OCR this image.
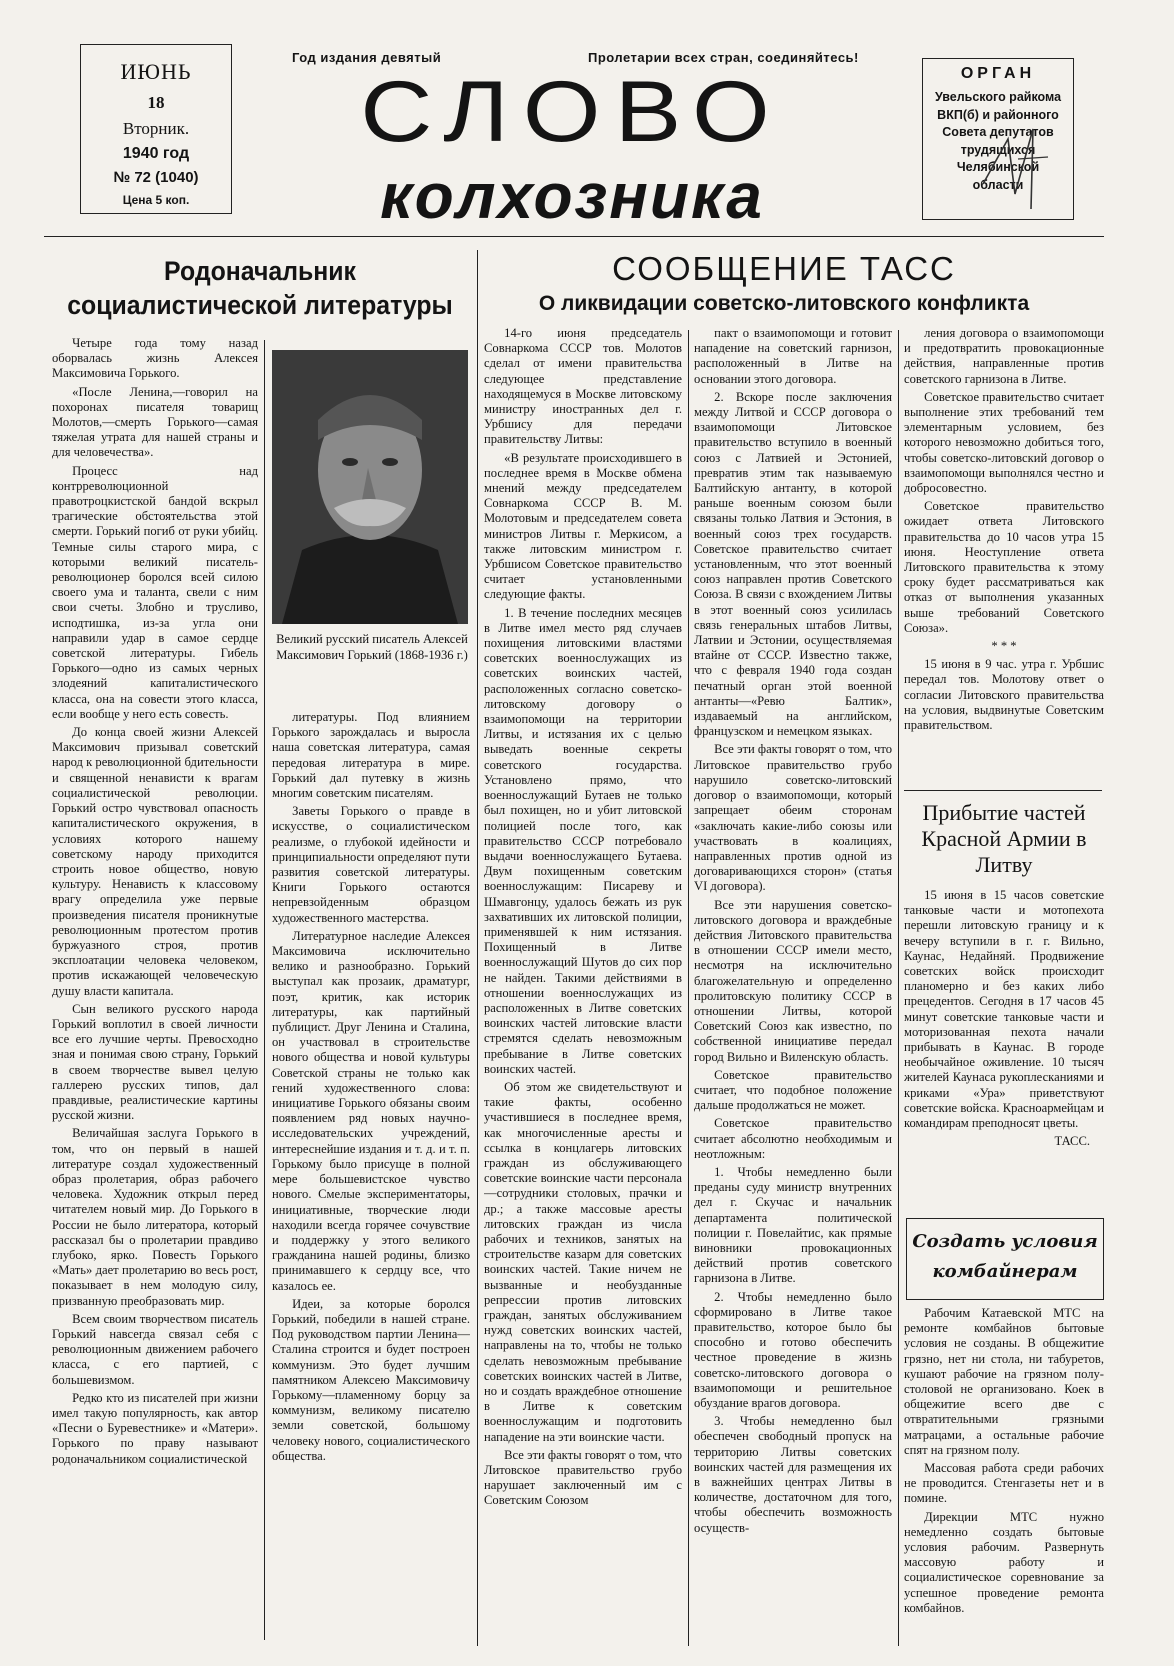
ИЮНЬ
18
Вторник.
1940 год
№ 72 (1040)
Цена 5 коп.
Год издания девятый	Пролетарии всех стран, соединяйтесь!
СЛОВО
колхозника
ОРГАН
Увельского райкома ВКП(б) и районного Совета депутатов трудящихся Челябинской области
Родоначальник социалистической литературы

Четыре года тому назад оборвалась жизнь Алексея Максимовича Горького.

«После Ленина,—говорил на похоронах писателя товарищ Молотов,—смерть Горького—самая тяжелая утрата для нашей страны и для человечества».

Процесс над контрреволюционной правотроцкистской бандой вскрыл трагические обстоятельства этой смерти. Горький погиб от руки убийц. Темные силы старого мира, с которыми великий писатель-революционер боролся всей силою своего ума и таланта, свели с ним свои счеты. Злобно и трусливо, исподтишка, из-за угла они направили удар в самое сердце советской литературы. Гибель Горького—одно из самых черных злодеяний капиталистического класса, она на совести этого класса, если вообще у него есть совесть.

До конца своей жизни Алексей Максимович призывал советский народ к революционной бдительности и священной ненависти к врагам социалистической революции. Горький остро чувствовал опасность капиталистического окружения, в условиях которого нашему советскому народу приходится строить новое общество, новую культуру. Ненависть к классовому врагу определила уже первые произведения писателя проникнутые революционным протестом против буржуазного строя, против эксплоатации человека человеком, против искажающей человеческую душу власти капитала.

Сын великого русского народа Горький воплотил в своей личности все его лучшие черты. Превосходно зная и понимая свою страну, Горький в своем творчестве вывел целую галлерею русских типов, дал правдивые, реалистические картины русской жизни.

Величайшая заслуга Горького в том, что он первый в нашей литературе создал художественный образ пролетария, образ рабочего человека. Художник открыл перед читателем новый мир. До Горького в России не было литератора, который рассказал бы о пролетарии правдиво глубоко, ярко. Повесть Горького «Мать» дает пролетарию во весь рост, показывает в нем молодую силу, призванную преобразовать мир.

Всем своим творчеством писатель Горький навсегда связал себя с революционным движением рабочего класса, с его партией, с большевизмом.

Редко кто из писателей при жизни имел такую популярность, как автор «Песни о Буревестнике» и «Матери». Горького по праву называют родоначальником социалистической

Великий русский писатель Алексей Максимович Горький (1868-1936 г.)

литературы. Под влиянием Горького зарождалась и выросла наша советская литература, самая передовая литература в мире. Горький дал путевку в жизнь многим советским писателям.

Заветы Горького о правде в искусстве, о социалистическом реализме, о глубокой идейности и принципиальности определяют пути развития советской литературы. Книги Горького остаются непревзойденным образцом художественного мастерства.

Литературное наследие Алексея Максимовича исключительно велико и разнообразно. Горький выступал как прозаик, драматург, поэт, критик, как историк литературы, как партийный публицист. Друг Ленина и Сталина, он участвовал в строительстве нового общества и новой культуры Советской страны не только как гений художественного слова: инициативе Горького обязаны своим появлением ряд новых научно-исследовательских учреждений, интереснейшие издания и т. д. и т. п. Горькому было присуще в полной мере большевистское чувство нового. Смелые экспериментаторы, инициативные, творческие люди находили всегда горячее сочувствие и поддержку у этого великого гражданина нашей родины, близко принимавшего к сердцу все, что казалось ее.

Идеи, за которые боролся Горький, победили в нашей стране. Под руководством партии Ленина—Сталина строится и будет построен коммунизм. Это будет лучшим памятником Алексею Максимовичу Горькому—пламенному борцу за коммунизм, великому писателю земли советской, большому человеку нового, социалистического общества.

СООБЩЕНИЕ ТАСС
О ликвидации советско-литовского конфликта

14-го июня председатель Совнаркома СССР тов. Молотов сделал от имени правительства следующее представление находящемуся в Москве литовскому министру иностранных дел г. Урбшису для передачи правительству Литвы:

«В результате происходившего в последнее время в Москве обмена мнений между председателем Совнаркома СССР В. М. Молотовым и председателем совета министров Литвы г. Меркисом, а также литовским министром г. Урбшисом Советское правительство считает установленными следующие факты.

1. В течение последних месяцев в Литве имел место ряд случаев похищения литовскими властями советских военнослужащих из советских воинских частей, расположенных согласно советско-литовскому договору о взаимопомощи на территории Литвы, и истязания их с целью выведать военные секреты советского государства. Установлено прямо, что военнослужащий Бутаев не только был похищен, но и убит литовской полицией после того, как правительство СССР потребовало выдачи военнослужащего Бутаева. Двум похищенным советским военнослужащим: Писареву и Шмавгонцу, удалось бежать из рук захвативших их литовской полиции, применявшей к ним истязания. Похищенный в Литве военнослужащий Шутов до сих пор не найден. Такими действиями в отношении военнослужащих из расположенных в Литве советских воинских частей литовские власти стремятся сделать невозможным пребывание в Литве советских воинских частей.

Об этом же свидетельствуют и такие факты, особенно участившиеся в последнее время, как многочисленные аресты и ссылка в концлагерь литовских граждан из обслуживающего советские воинские части персонала—сотрудники столовых, прачки и др.; а также массовые аресты литовских граждан из числа рабочих и техников, занятых на строительстве казарм для советских воинских частей. Такие ничем не вызванные и необузданные репрессии против литовских граждан, занятых обслуживанием нужд советских воинских частей, направлены на то, чтобы не только сделать невозможным пребывание советских воинских частей в Литве, но и создать враждебное отношение в Литве к советским военнослужащим и подготовить нападение на эти воинские части.

Все эти факты говорят о том, что Литовское правительство грубо нарушает заключенный им с Советским Союзом

пакт о взаимопомощи и готовит нападение на советский гарнизон, расположенный в Литве на основании этого договора.

2. Вскоре после заключения между Литвой и СССР договора о взаимопомощи Литовское правительство вступило в военный союз с Латвией и Эстонией, превратив этим так называемую Балтийскую антанту, в которой раньше военным союзом были связаны только Латвия и Эстония, в военный союз трех государств. Советское правительство считает установленным, что этот военный союз направлен против Советского Союза. В связи с вхождением Литвы в этот военный союз усилилась связь генеральных штабов Литвы, Латвии и Эстонии, осуществляемая втайне от СССР. Известно также, что с февраля 1940 года создан печатный орган этой военной антанты—«Ревю Балтик», издаваемый на английском, французском и немецком языках.

Все эти факты говорят о том, что Литовское правительство грубо нарушило советско-литовский договор о взаимопомощи, который запрещает обеим сторонам «заключать какие-либо союзы или участвовать в коалициях, направленных против одной из договаривающихся сторон» (статья VI договора).

Все эти нарушения советско-литовского договора и враждебные действия Литовского правительства в отношении СССР имели место, несмотря на исключительно благожелательную и определенно пролитовскую политику СССР в отношении Литвы, которой Советский Союз как известно, по собственной инициативе передал город Вильно и Виленскую область.

Советское правительство считает, что подобное положение дальше продолжаться не может.

Советское правительство считает абсолютно необходимым и неотложным:

1. Чтобы немедленно были преданы суду министр внутренних дел г. Скучас и начальник департамента политической полиции г. Повелайтис, как прямые виновники провокационных действий против советского гарнизона в Литве.

2. Чтобы немедленно было сформировано в Литве такое правительство, которое было бы способно и готово обеспечить честное проведение в жизнь советско-литовского договора о взаимопомощи и решительное обуздание врагов договора.

3. Чтобы немедленно был обеспечен свободный пропуск на территорию Литвы советских воинских частей для размещения их в важнейших центрах Литвы в количестве, достаточном для того, чтобы обеспечить возможность осуществ-

ления договора о взаимопомощи и предотвратить провокационные действия, направленные против советского гарнизона в Литве.

Советское правительство считает выполнение этих требований тем элементарным условием, без которого невозможно добиться того, чтобы советско-литовский договор о взаимопомощи выполнялся честно и добросовестно.

Советское правительство ожидает ответа Литовского правительства до 10 часов утра 15 июня. Неоступление ответа Литовского правительства к этому сроку будет рассматриваться как отказ от выполнения указанных выше требований Советского Союза».

* * *

15 июня в 9 час. утра г. Урбшис передал тов. Молотову ответ о согласии Литовского правительства на условия, выдвинутые Советским правительством.

Прибытие частей Красной Армии в Литву

15 июня в 15 часов советские танковые части и мотопехота перешли литовскую границу и к вечеру вступили в г. г. Вильно, Каунас, Недайняй. Продвижение советских войск происходит планомерно и без каких либо прецедентов. Сегодня в 17 часов 45 минут советские танковые части и моторизованная пехота начали прибывать в Каунас. В городе необычайное оживление. 10 тысяч жителей Каунаса рукоплесканиями и криками «Ура» приветствуют советские войска. Красноармейцам и командирам преподносят цветы.

ТАСС.

Создать условия комбайнерам

Рабочим Катаевской МТС на ремонте комбайнов бытовые условия не созданы. В общежитие грязно, нет ни стола, ни табуретов, кушают рабочие на грязном полу-столовой не организовано. Коек в общежитие всего две с отвратительными грязными матрацами, а остальные рабочие спят на грязном полу.

Массовая работа среди рабочих не проводится. Стенгазеты нет и в помине.

Дирекции МТС нужно немедленно создать бытовые условия рабочим. Развернуть массовую работу и социалистическое соревнование за успешное проведение ремонта комбайнов.
